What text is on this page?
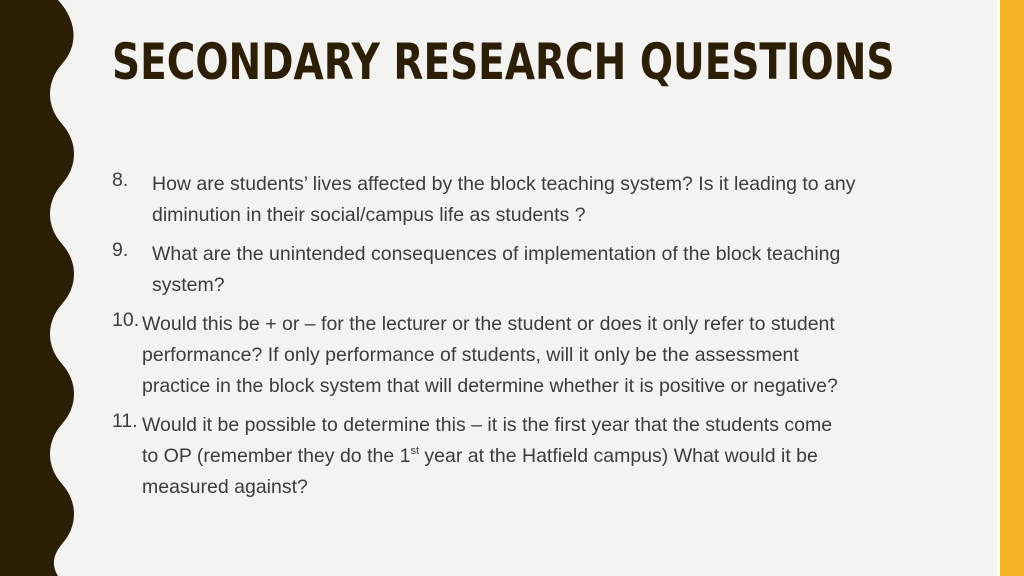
SECONDARY RESEARCH QUESTIONS
8.	How are students’ lives affected by the block teaching system? Is it leading to any
diminution in their social/campus life as students ?
9.	What are the unintended consequences of implementation of the block teaching
system?
10. Would this be + or – for the lecturer or the student or does it only refer to student
performance? If only performance of students, will it only be the assessment
practice in the block system that will determine whether it is positive or negative?
11. Would it be possible to determine this – it is the first year that the students come
to OP (remember they do the 1st year at the Hatfield campus) What would it be
measured against?
